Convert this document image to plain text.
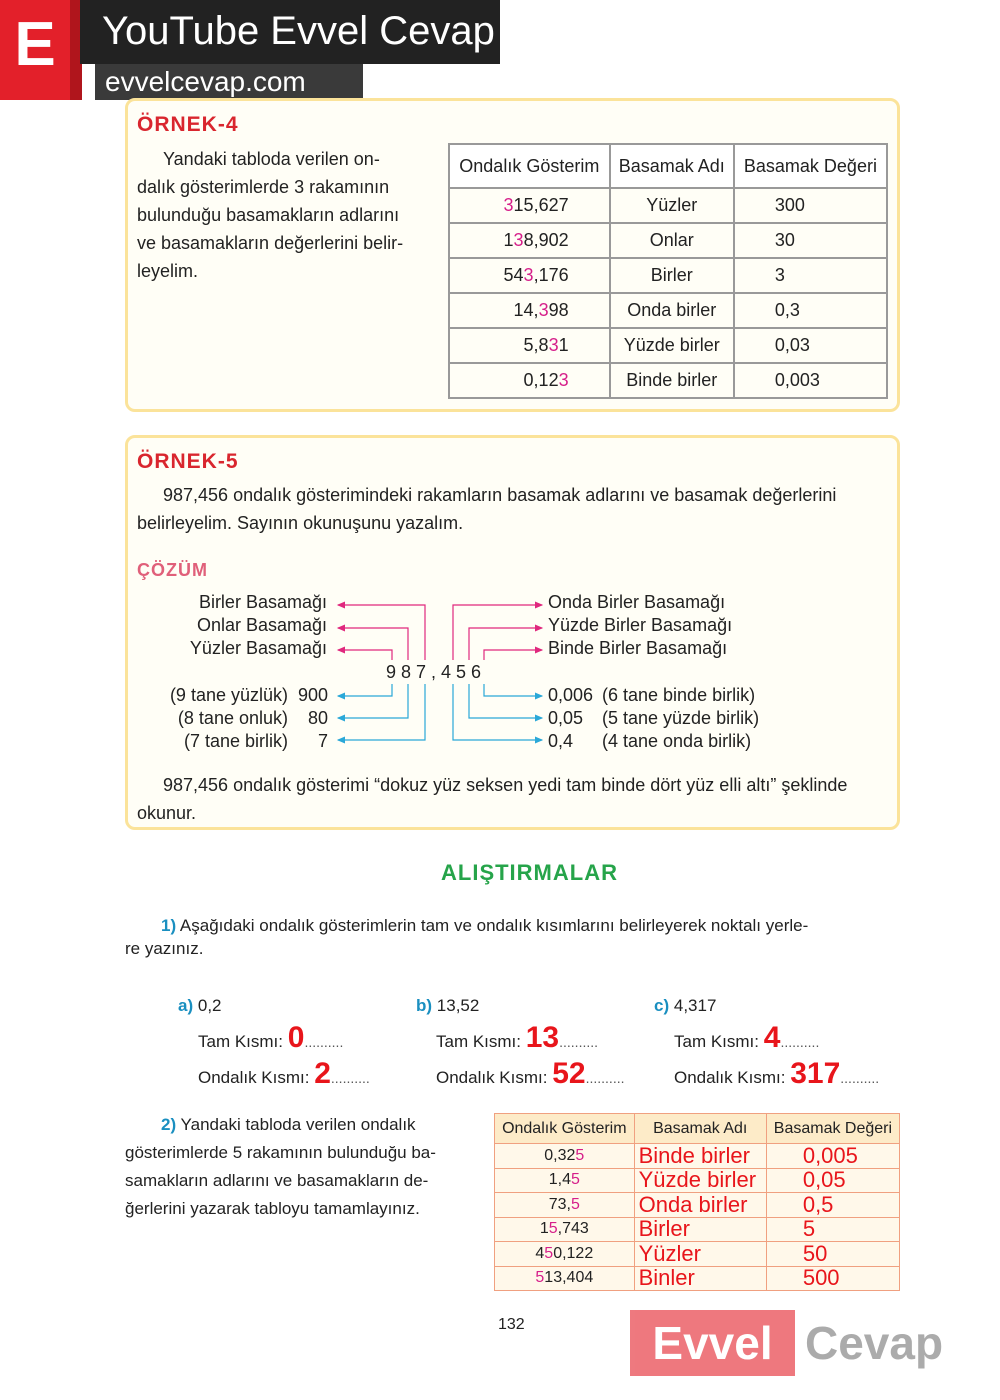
E	YouTube Evvel Cevap
evvelcevap.com
ÖRNEK-4
Yandaki tabloda verilen on-
dalık gösterimlerde 3 rakamının
bulunduğu basamakların adlarını
ve basamakların değerlerini belir-
leyelim.
Ondalık Gösterim	Basamak Adı	Basamak Değeri
315,627	Yüzler	300
138,902	Onlar	30
543,176	Birler	3
14,398	Onda birler	0,3
5,831	Yüzde birler	0,03
0,123	Binde birler	0,003
ÖRNEK-5
987,456 ondalık gösterimindeki rakamların basamak adlarını ve basamak değerlerini
belirleyelim. Sayının okunuşunu yazalım.
ÇÖZÜM
9 8 7 , 4 5 6
Birler Basamağı
Onlar Basamağı
Yüzler Basamağı
Onda Birler Basamağı
Yüzde Birler Basamağı
Binde Birler Basamağı
(9 tane yüzlük) 900
(8 tane onluk) 80
(7 tane birlik) 7
0,006 (6 tane binde birlik)
0,05 (5 tane yüzde birlik)
0,4 (4 tane onda birlik)
987,456 ondalık gösterimi “dokuz yüz seksen yedi tam binde dört yüz elli altı” şeklinde
okunur.
ALIŞTIRMALAR
1) Aşağıdaki ondalık gösterimlerin tam ve ondalık kısımlarını belirleyerek noktalı yerle-
re yazınız.
a) 0,2
Tam Kısmı: 0..........
Ondalık Kısmı: 2..........
b) 13,52
Tam Kısmı: 13..........
Ondalık Kısmı: 52..........
c) 4,317
Tam Kısmı: 4..........
Ondalık Kısmı: 317..........
2) Yandaki tabloda verilen ondalık
gösterimlerde 5 rakamının bulunduğu ba-
samakların adlarını ve basamakların de-
ğerlerini yazarak tabloyu tamamlayınız.
Ondalık Gösterim	Basamak Adı	Basamak Değeri
0,325	Binde birler	0,005
1,45	Yüzde birler	0,05
73,5	Onda birler	0,5
15,743	Birler	5
450,122	Yüzler	50
513,404	Binler	500
132	Evvel Cevap
